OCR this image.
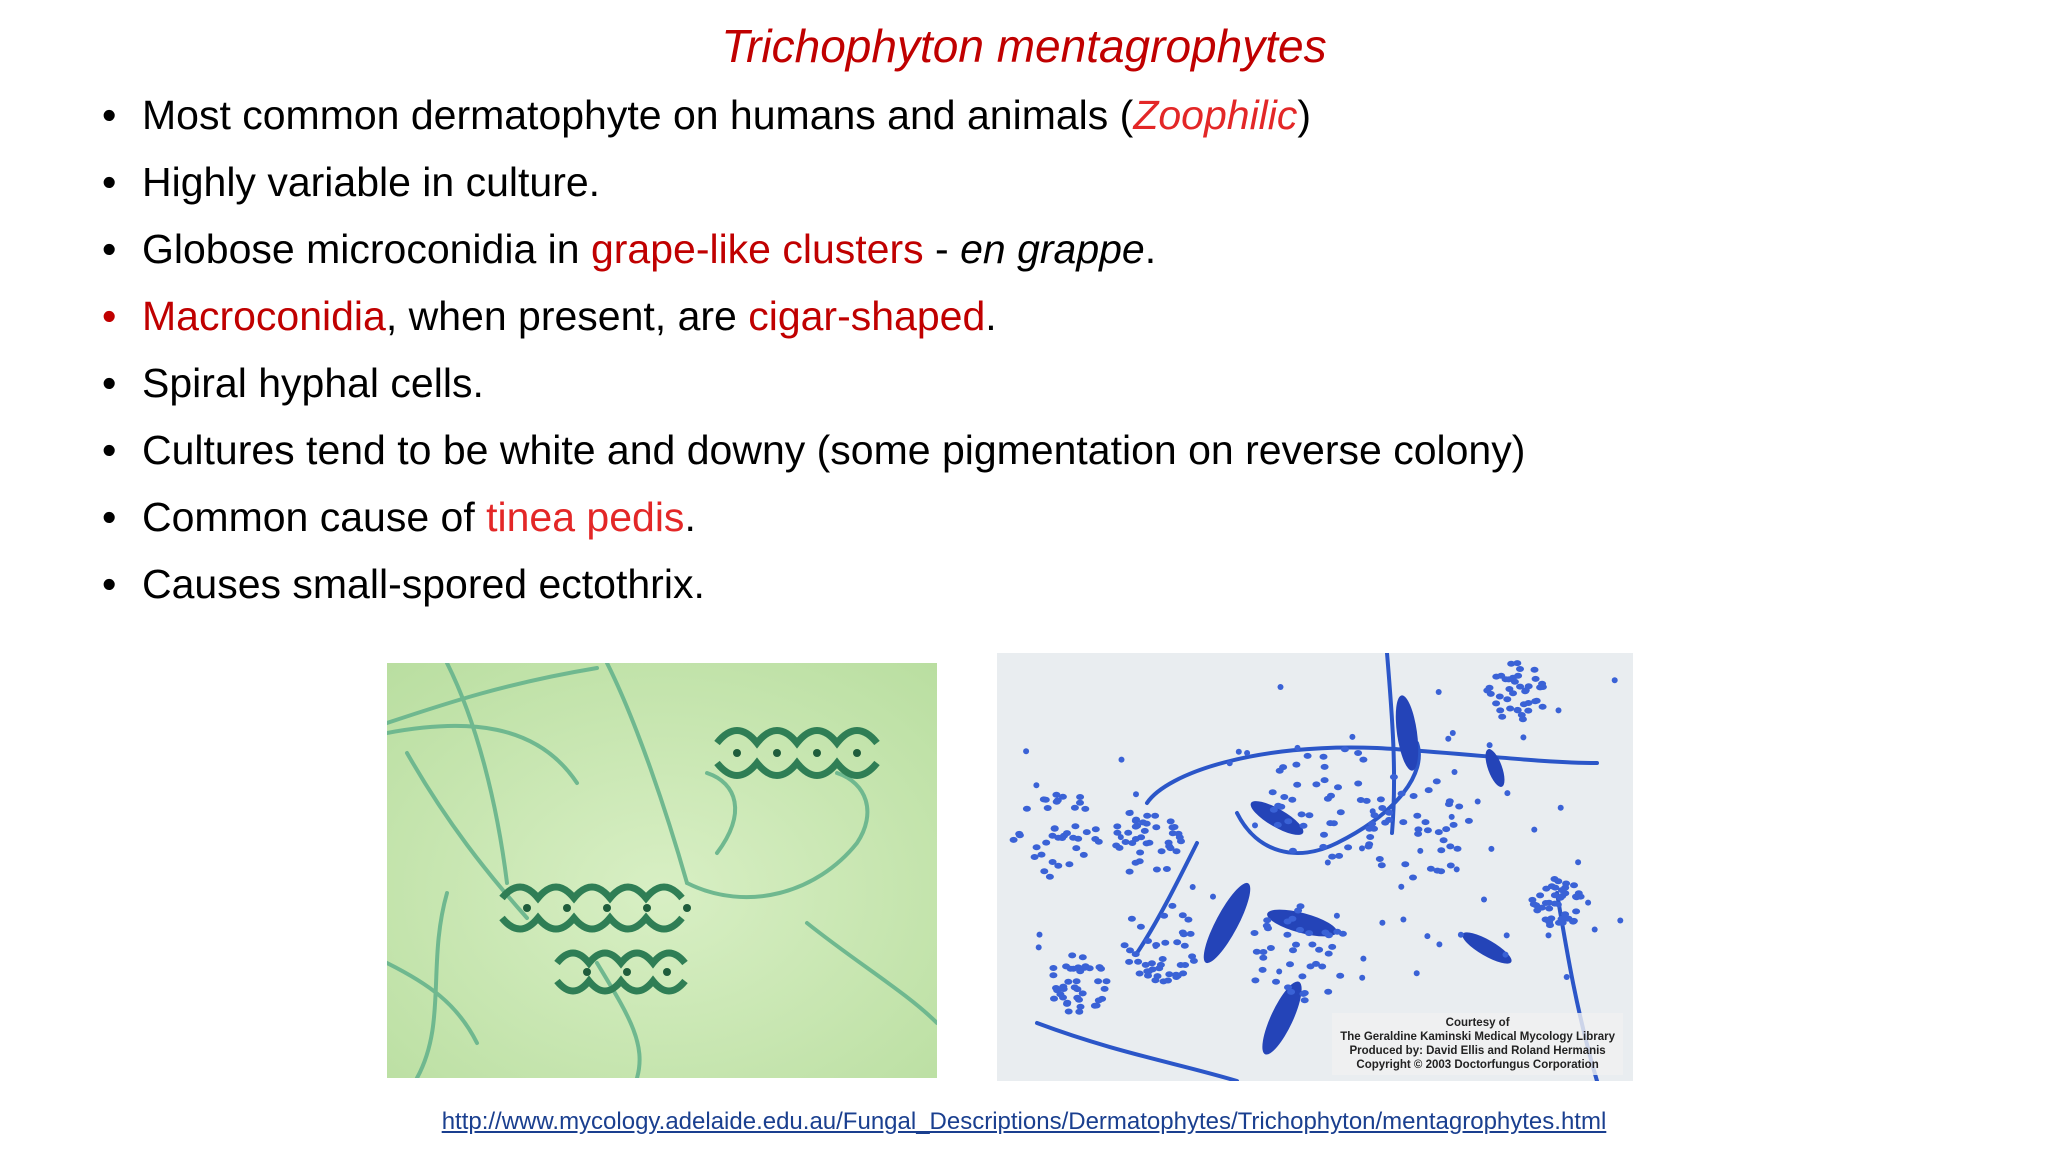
Trichophyton mentagrophytes
• Most common dermatophyte on humans and animals (Zoophilic)
• Highly variable in culture.
• Globose microconidia in grape-like clusters - en grappe.
• Macroconidia, when present, are cigar-shaped.
• Spiral hyphal cells.
• Cultures tend to be white and downy (some pigmentation on reverse colony)
• Common cause of tinea pedis.
• Causes small-spored ectothrix.
Courtesy of
The Geraldine Kaminski Medical Mycology Library
Produced by: David Ellis and Roland Hermanis
Copyright © 2003 Doctorfungus Corporation
http://www.mycology.adelaide.edu.au/Fungal_Descriptions/Dermatophytes/Trichophyton/mentagrophytes.html
